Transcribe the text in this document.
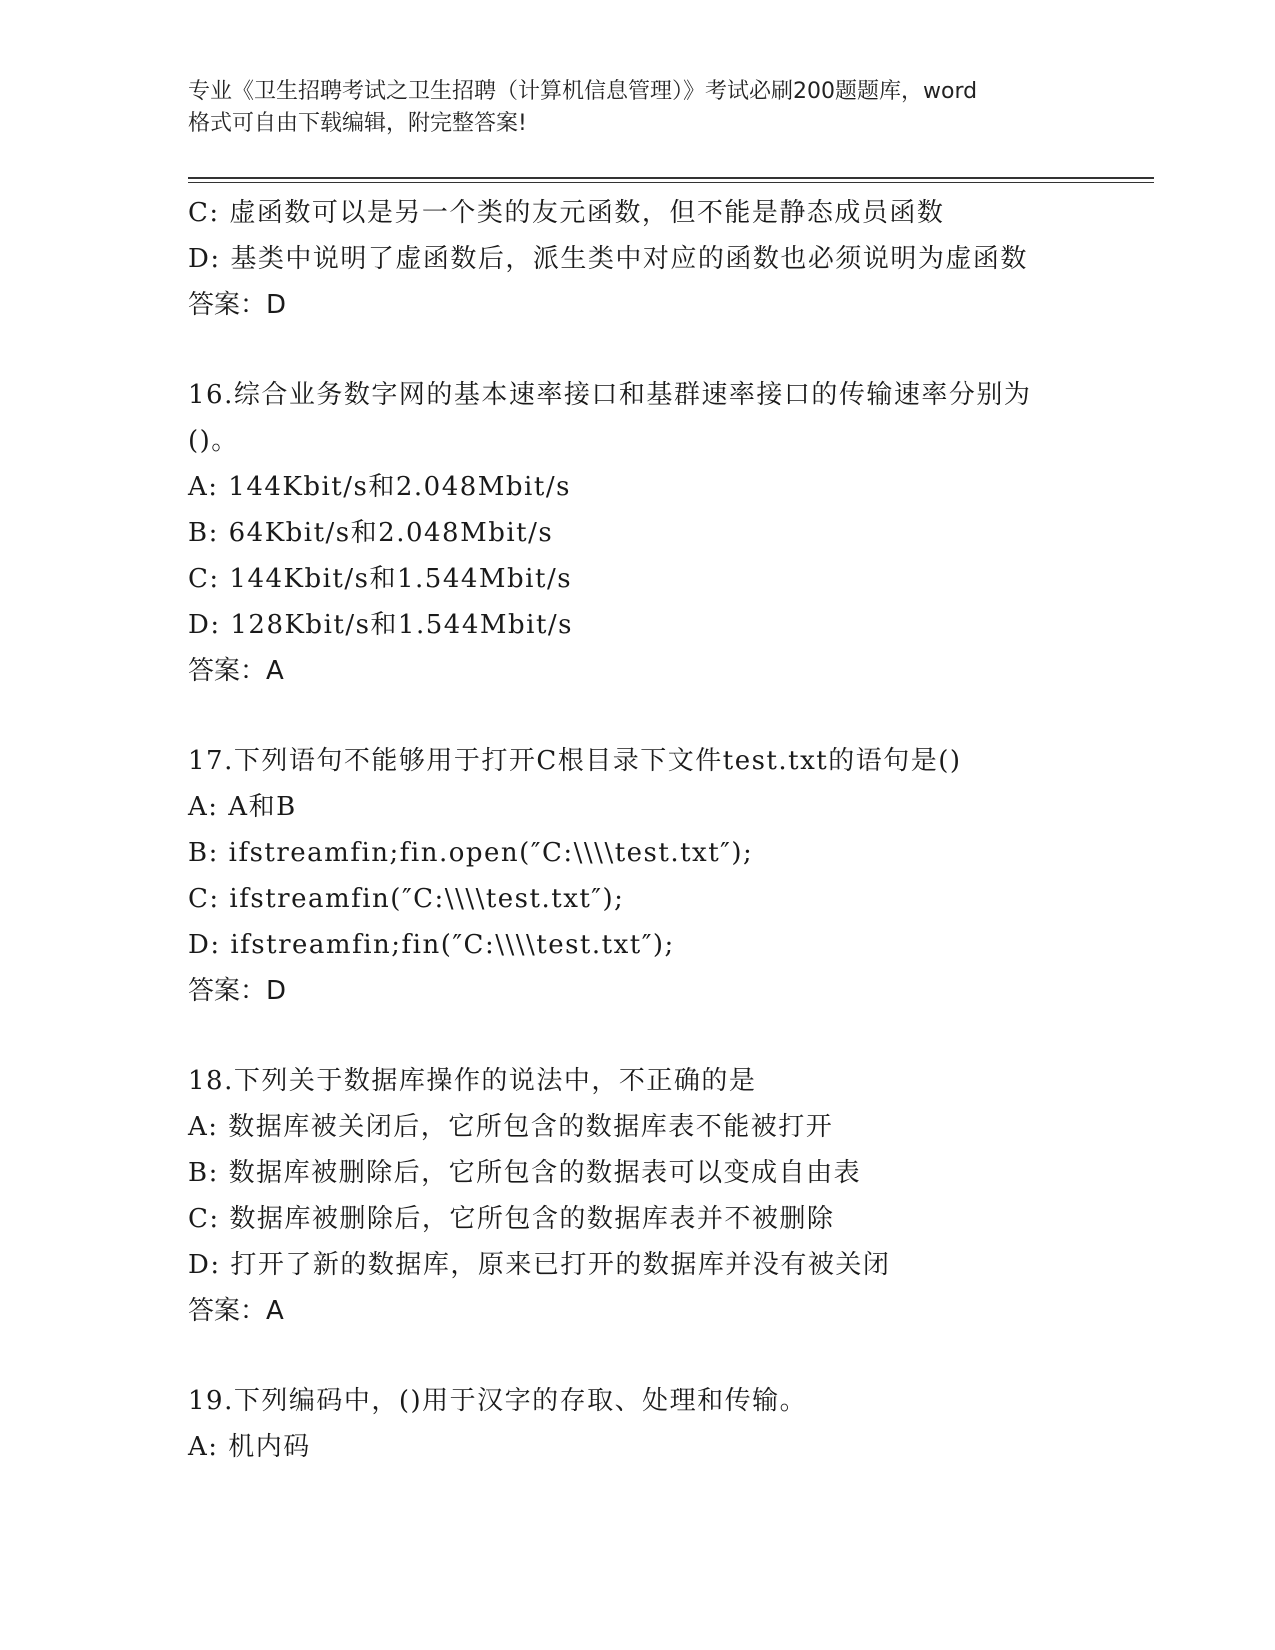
专业《卫生招聘考试之卫生招聘（计算机信息管理）》考试必刷200题题库，word
格式可自由下载编辑，附完整答案!
C: 虚函数可以是另一个类的友元函数，但不能是静态成员函数
D: 基类中说明了虚函数后，派生类中对应的函数也必须说明为虚函数
答案：D
16.综合业务数字网的基本速率接口和基群速率接口的传输速率分别为
()。
A: 144Kbit/s和2.048Mbit/s
B: 64Kbit/s和2.048Mbit/s
C: 144Kbit/s和1.544Mbit/s
D: 128Kbit/s和1.544Mbit/s
答案：A
17.下列语句不能够用于打开C根目录下文件test.txt的语句是()
A: A和B
B: ifstreamfin;fin.open(″C:\\\\test.txt″);
C: ifstreamfin(″C:\\\\test.txt″);
D: ifstreamfin;fin(″C:\\\\test.txt″);
答案：D
18.下列关于数据库操作的说法中，不正确的是
A: 数据库被关闭后，它所包含的数据库表不能被打开
B: 数据库被删除后，它所包含的数据表可以变成自由表
C: 数据库被删除后，它所包含的数据库表并不被删除
D: 打开了新的数据库，原来已打开的数据库并没有被关闭
答案：A
19.下列编码中，()用于汉字的存取、处理和传输。
A: 机内码
